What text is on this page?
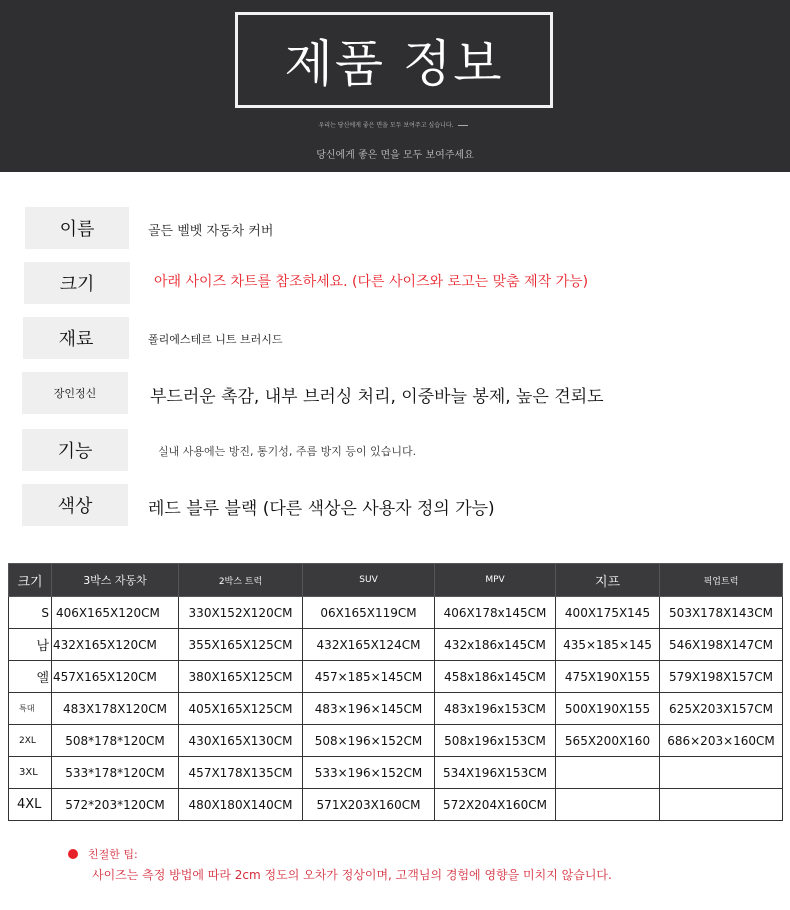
제품 정보
우리는 당신에게 좋은 면을 모두 보여주고 싶습니다.
당신에게 좋은 면을 모두 보여주세요
이름	골든 벨벳 자동차 커버
크기	아래 사이즈 차트를 참조하세요. (다른 사이즈와 로고는 맞춤 제작 가능)
재료	폴리에스테르 니트 브러시드
장인정신	부드러운 촉감, 내부 브러싱 처리, 이중바늘 봉제, 높은 견뢰도
기능	실내 사용에는 방진, 통기성, 주름 방지 등이 있습니다.
색상	레드 블루 블랙 (다른 색상은 사용자 정의 가능)
크기	3박스 자동차	2박스 트럭	SUV	MPV	지프	픽업트럭
S	406X165X120CM	330X152X120CM	06X165X119CM	406X178x145CM	400X175X145	503X178X143CM
남	432X165X120CM	355X165X125CM	432X165X124CM	432x186x145CM	435×185×145	546X198X147CM
엘	457X165X120CM	380X165X125CM	457×185×145CM	458x186x145CM	475X190X155	579X198X157CM
특대	483X178X120CM	405X165X125CM	483×196×145CM	483x196x153CM	500X190X155	625X203X157CM
2XL	508*178*120CM	430X165X130CM	508×196×152CM	508x196x153CM	565X200X160	686×203×160CM
3XL	533*178*120CM	457X178X135CM	533×196×152CM	534X196X153CM		
4XL	572*203*120CM	480X180X140CM	571X203X160CM	572X204X160CM		
친절한 팁:
사이즈는 측정 방법에 따라 2cm 정도의 오차가 정상이며, 고객님의 경험에 영향을 미치지 않습니다.
